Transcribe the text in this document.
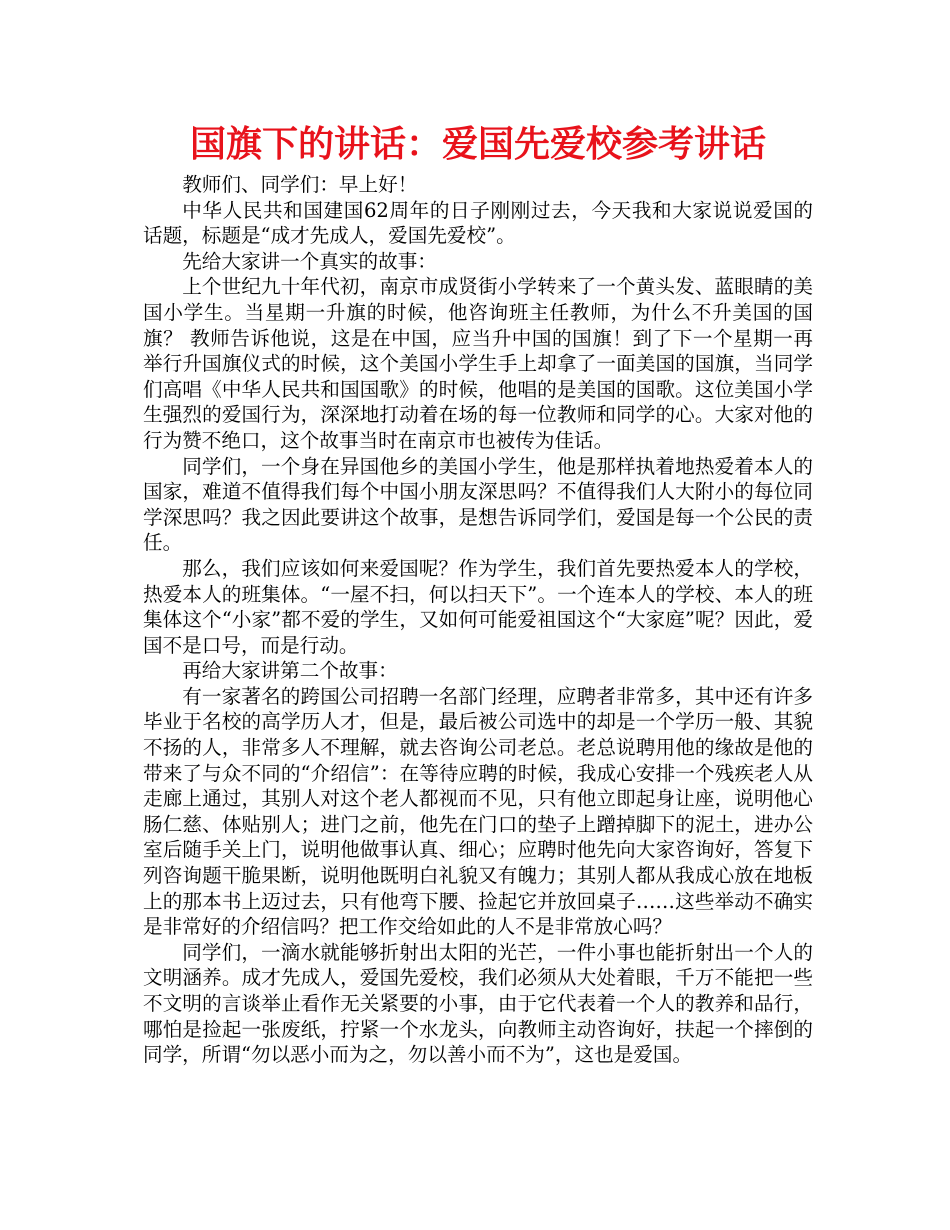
国旗下的讲话：爱国先爱校参考讲话

教师们、同学们：早上好！

中华人民共和国建国62周年的日子刚刚过去，今天我和大家说说爱国的话题，标题是“成才先成人，爱国先爱校”。

先给大家讲一个真实的故事：

上个世纪九十年代初，南京市成贤街小学转来了一个黄头发、蓝眼睛的美国小学生。当星期一升旗的时候，他咨询班主任教师，为什么不升美国的国旗？ 教师告诉他说，这是在中国，应当升中国的国旗！到了下一个星期一再举行升国旗仪式的时候，这个美国小学生手上却拿了一面美国的国旗，当同学们高唱《中华人民共和国国歌》的时候，他唱的是美国的国歌。这位美国小学生强烈的爱国行为，深深地打动着在场的每一位教师和同学的心。大家对他的行为赞不绝口，这个故事当时在南京市也被传为佳话。

同学们，一个身在异国他乡的美国小学生，他是那样执着地热爱着本人的国家，难道不值得我们每个中国小朋友深思吗？不值得我们人大附小的每位同学深思吗？我之因此要讲这个故事，是想告诉同学们，爱国是每一个公民的责任。

那么，我们应该如何来爱国呢？作为学生，我们首先要热爱本人的学校，热爱本人的班集体。“一屋不扫，何以扫天下”。一个连本人的学校、本人的班集体这个“小家”都不爱的学生，又如何可能爱祖国这个“大家庭”呢？因此，爱国不是口号，而是行动。

再给大家讲第二个故事：

有一家著名的跨国公司招聘一名部门经理，应聘者非常多，其中还有许多毕业于名校的高学历人才，但是，最后被公司选中的却是一个学历一般、其貌不扬的人，非常多人不理解，就去咨询公司老总。老总说聘用他的缘故是他的带来了与众不同的“介绍信”：在等待应聘的时候，我成心安排一个残疾老人从走廊上通过，其别人对这个老人都视而不见，只有他立即起身让座，说明他心肠仁慈、体贴别人；进门之前，他先在门口的垫子上蹭掉脚下的泥土，进办公室后随手关上门，说明他做事认真、细心；应聘时他先向大家咨询好，答复下列咨询题干脆果断，说明他既明白礼貌又有魄力；其别人都从我成心放在地板上的那本书上迈过去，只有他弯下腰、捡起它并放回桌子……这些举动不确实是非常好的介绍信吗？把工作交给如此的人不是非常放心吗？

同学们，一滴水就能够折射出太阳的光芒，一件小事也能折射出一个人的文明涵养。成才先成人，爱国先爱校，我们必须从大处着眼，千万不能把一些不文明的言谈举止看作无关紧要的小事，由于它代表着一个人的教养和品行，哪怕是捡起一张废纸，拧紧一个水龙头，向教师主动咨询好，扶起一个摔倒的同学，所谓“勿以恶小而为之，勿以善小而不为”，这也是爱国。
